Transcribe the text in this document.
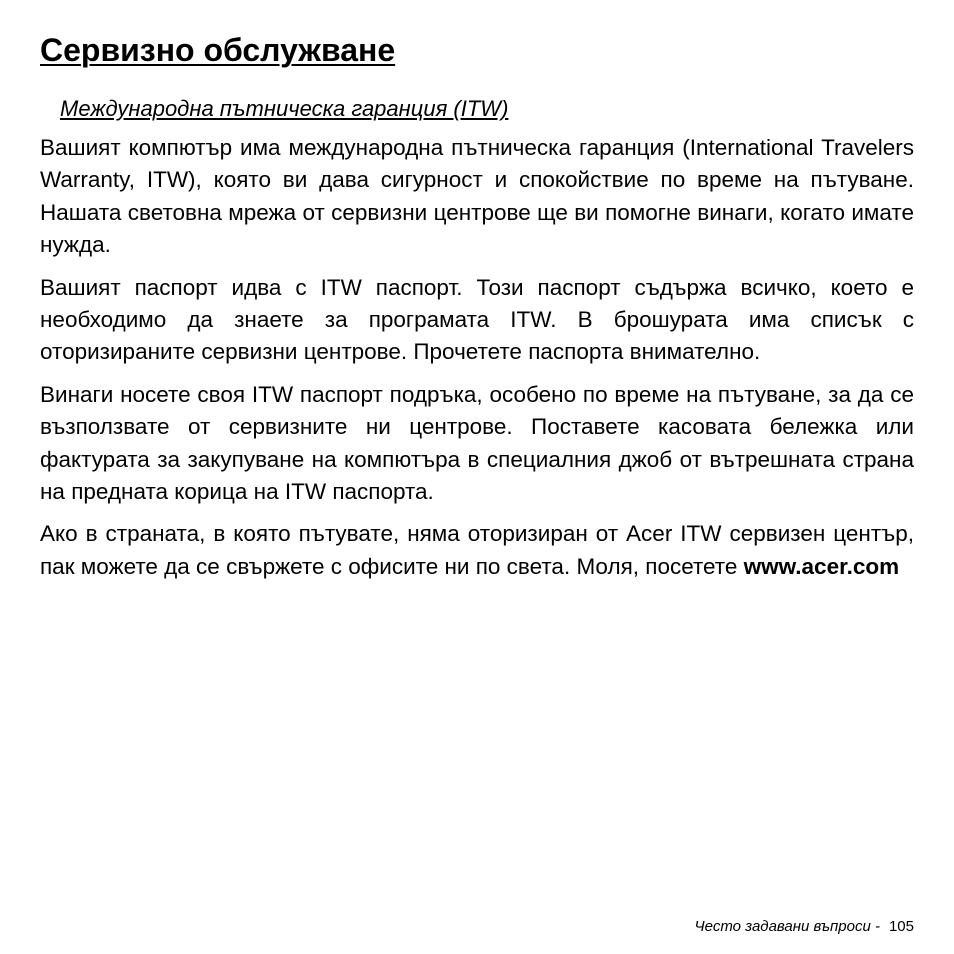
Сервизно обслужване
Международна пътническа гаранция (ITW)

Вашият компютър има международна пътническа гаранция (International Travelers Warranty, ITW), която ви дава сигурност и спокойствие по време на пътуване. Нашата световна мрежа от сервизни центрове ще ви помогне винаги, когато имате нужда.

Вашият паспорт идва с ITW паспорт. Този паспорт съдържа всичко, което е необходимо да знаете за програмата ITW. В брошурата има списък с оторизираните сервизни центрове. Прочетете паспорта внимателно.

Винаги носете своя ITW паспорт подръка, особено по време на пътуване, за да се възползвате от сервизните ни центрове. Поставете касовата бележка или фактурата за закупуване на компютъра в специалния джоб от вътрешната страна на предната корица на ITW паспорта.

Ако в страната, в която пътувате, няма оторизиран от Acer ITW сервизен център, пак можете да се свържете с офисите ни по света. Моля, посетете www.acer.com

Често задавани въпроси - 105
